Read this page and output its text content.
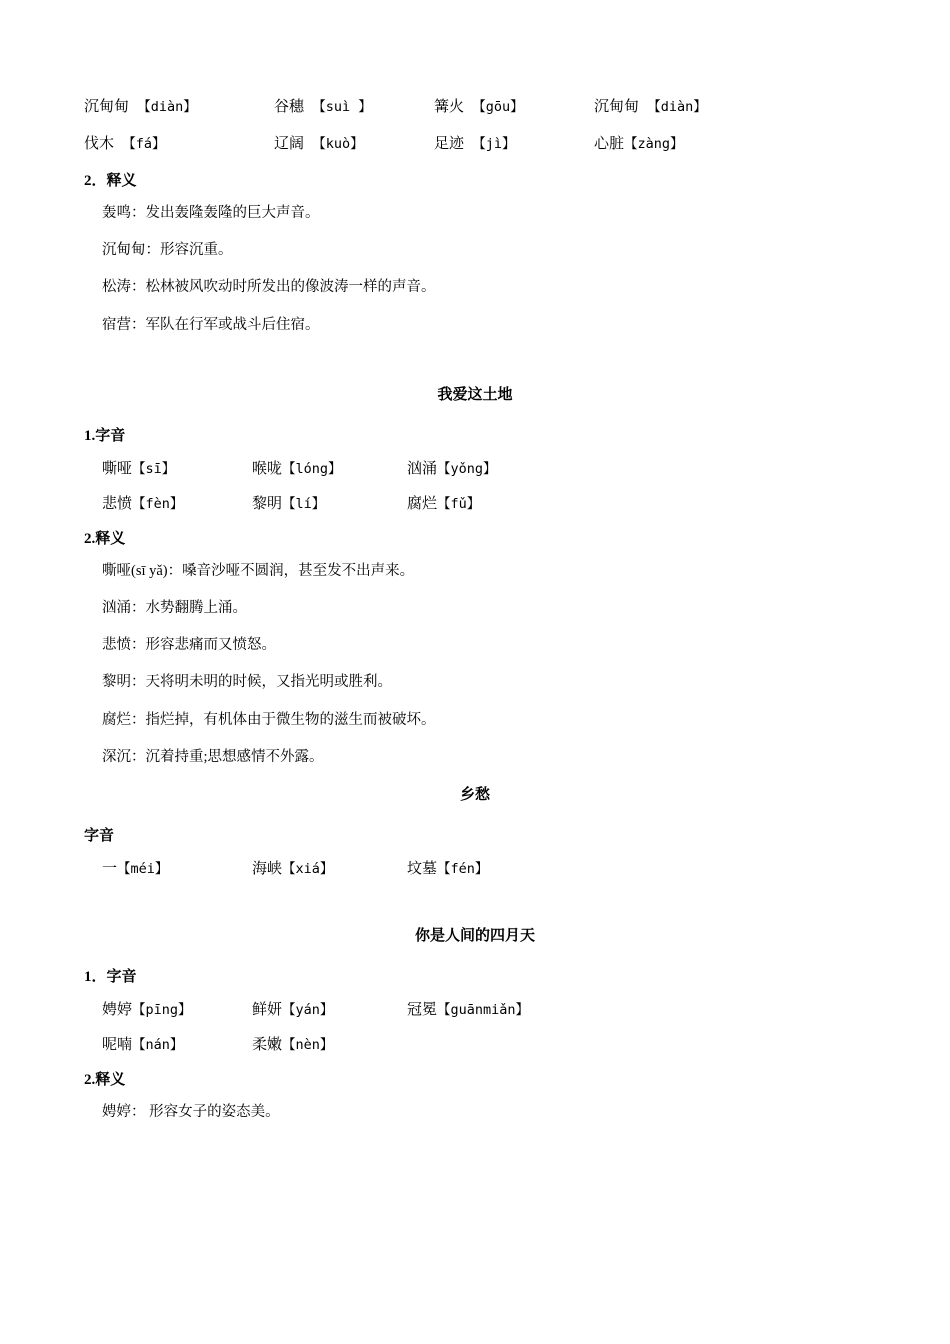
沉甸甸　 【diàn】	谷穗　 【suì 】	篝火　 【gōu】	沉甸甸　 【diàn】
伐木　 【fá】	辽阔　 【kuò】	足迹　 【jì】	心脏【zàng】
2．释义
轰鸣：发出轰隆轰隆的巨大声音。
沉甸甸：形容沉重。
松涛：松林被风吹动时所发出的像波涛一样的声音。
宿营：军队在行军或战斗后住宿。
我爱这土地
1.字音
嘶哑【sī】	喉咙【lóng】	汹涌【yǒng】
悲愤【fèn】	黎明【lí】	腐烂【fǔ】
2.释义
嘶哑(sī yǎ)：嗓音沙哑不圆润，甚至发不出声来。
汹涌：水势翻腾上涌。
悲愤：形容悲痛而又愤怒。
黎明：天将明未明的时候，又指光明或胜利。
腐烂：指烂掉，有机体由于微生物的滋生而被破坏。
深沉：沉着持重;思想感情不外露。
乡愁
字音
一【méi】	海峡【xiá】	坟墓【fén】
你是人间的四月天
1．字音
娉婷【pīng】	鲜妍【yán】	冠冕【guānmiǎn】
呢喃【nán】	柔嫩【nèn】
2.释义
娉婷： 形容女子的姿态美。
